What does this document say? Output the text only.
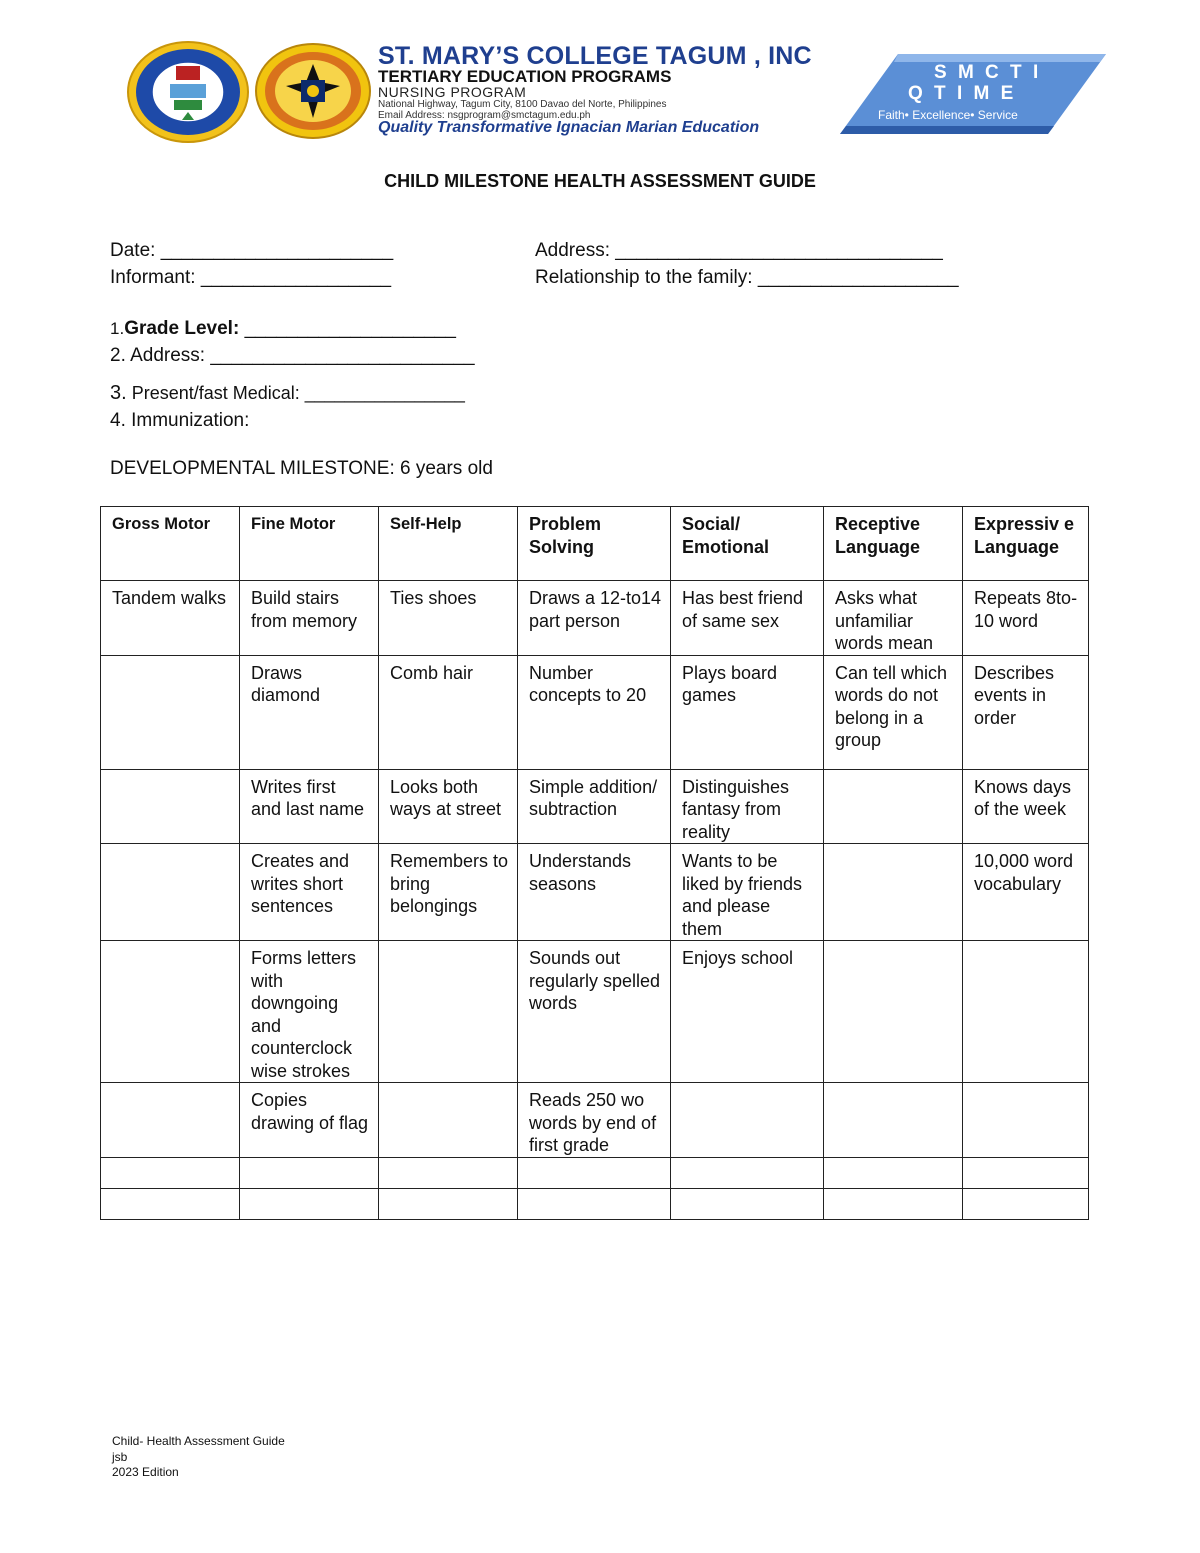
ST. MARY’S COLLEGE TAGUM , INC
TERTIARY EDUCATION PROGRAMS
NURSING PROGRAM
National Highway, Tagum City, 8100 Davao del Norte, Philippines
Email Address: nsgprogram@smctagum.edu.ph
Quality Transformative Ignacian Marian Education
S M C T I
Q T I M E
Faith• Excellence• Service
CHILD MILESTONE HEALTH ASSESSMENT GUIDE
Date: ______________________	Address: _______________________________
Informant: __________________	Relationship to the family: ___________________
1.Grade Level: ____________________
2. Address: _________________________
3. Present/fast Medical: ________________
4. Immunization:
DEVELOPMENTAL MILESTONE: 6 years old
Gross Motor	Fine Motor	Self-Help	Problem Solving	Social/ Emotional	Receptive Language	Expressiv e Language
Tandem walks	Build stairs from memory	Ties shoes	Draws a 12-to14 part person	Has best friend of same sex	Asks what unfamiliar words mean	Repeats 8to-10 word
	Draws diamond	Comb hair	Number concepts to 20	Plays board games	Can tell which words do not belong in a group	Describes events in order
	Writes first and last name	Looks both ways at street	Simple addition/ subtraction	Distinguishes fantasy from reality		Knows days of the week
	Creates and writes short sentences	Remembers to bring belongings	Understands seasons	Wants to be liked by friends and please them		10,000 word vocabulary
	Forms letters with downgoing and counterclock wise strokes		Sounds out regularly spelled words	Enjoys school		
	Copies drawing of flag		Reads 250 wo words by end of first grade			

Child- Health Assessment Guide
jsb
2023 Edition
